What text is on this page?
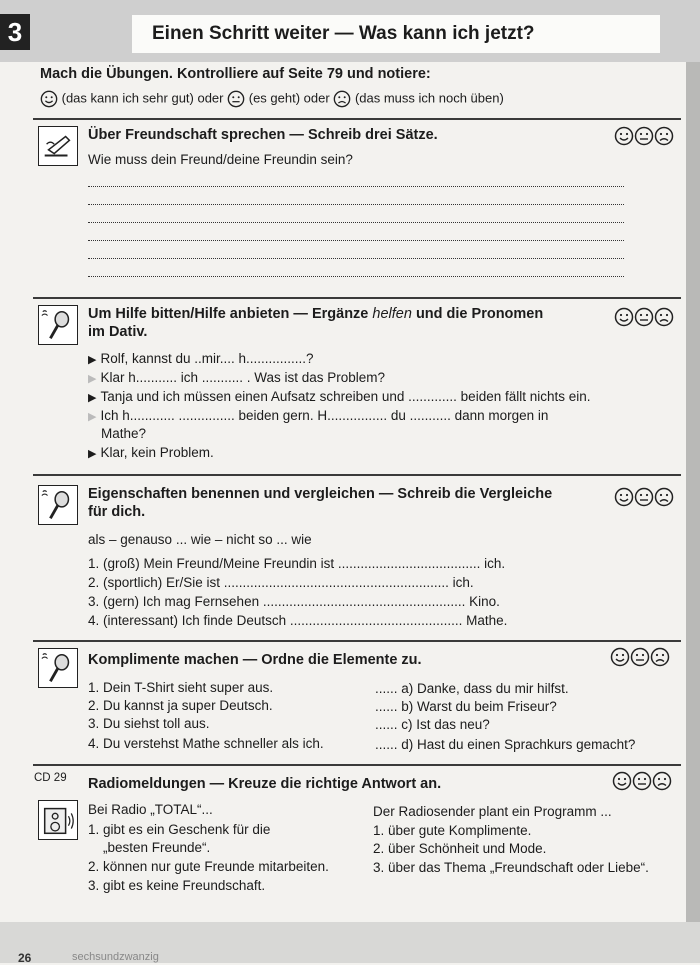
3	Einen Schritt weiter — Was kann ich jetzt?
Mach die Übungen. Kontrolliere auf Seite 79 und notiere:
(das kann ich sehr gut) oder (es geht) oder (das muss ich noch üben)
Über Freundschaft sprechen — Schreib drei Sätze.
Wie muss dein Freund/deine Freundin sein?
Um Hilfe bitten/Hilfe anbieten — Ergänze helfen und die Pronomen
im Dativ.
▶ Rolf, kannst du ..mir.... h................?
▶ Klar h........... ich ........... . Was ist das Problem?
▶ Tanja und ich müssen einen Aufsatz schreiben und ............. beiden fällt nichts ein.
▶ Ich h............ ............... beiden gern. H................ du ........... dann morgen in
Mathe?
▶ Klar, kein Problem.
Eigenschaften benennen und vergleichen — Schreib die Vergleiche
für dich.
als – genauso ... wie – nicht so ... wie
1. (groß) Mein Freund/Meine Freundin ist ...................................... ich.
2. (sportlich) Er/Sie ist ............................................................ ich.
3. (gern) Ich mag Fernsehen ...................................................... Kino.
4. (interessant) Ich finde Deutsch .............................................. Mathe.
Komplimente machen — Ordne die Elemente zu.
1. Dein T-Shirt sieht super aus.
2. Du kannst ja super Deutsch.
3. Du siehst toll aus.
4. Du verstehst Mathe schneller als ich.
...... a) Danke, dass du mir hilfst.
...... b) Warst du beim Friseur?
...... c) Ist das neu?
...... d) Hast du einen Sprachkurs gemacht?
CD 29 Radiomeldungen — Kreuze die richtige Antwort an.
Bei Radio „TOTAL“...
1. gibt es ein Geschenk für die
„besten Freunde“.
2. können nur gute Freunde mitarbeiten.
3. gibt es keine Freundschaft.
Der Radiosender plant ein Programm ...
1. über gute Komplimente.
2. über Schönheit und Mode.
3. über das Thema „Freundschaft oder Liebe“.
26	sechsundzwanzig
